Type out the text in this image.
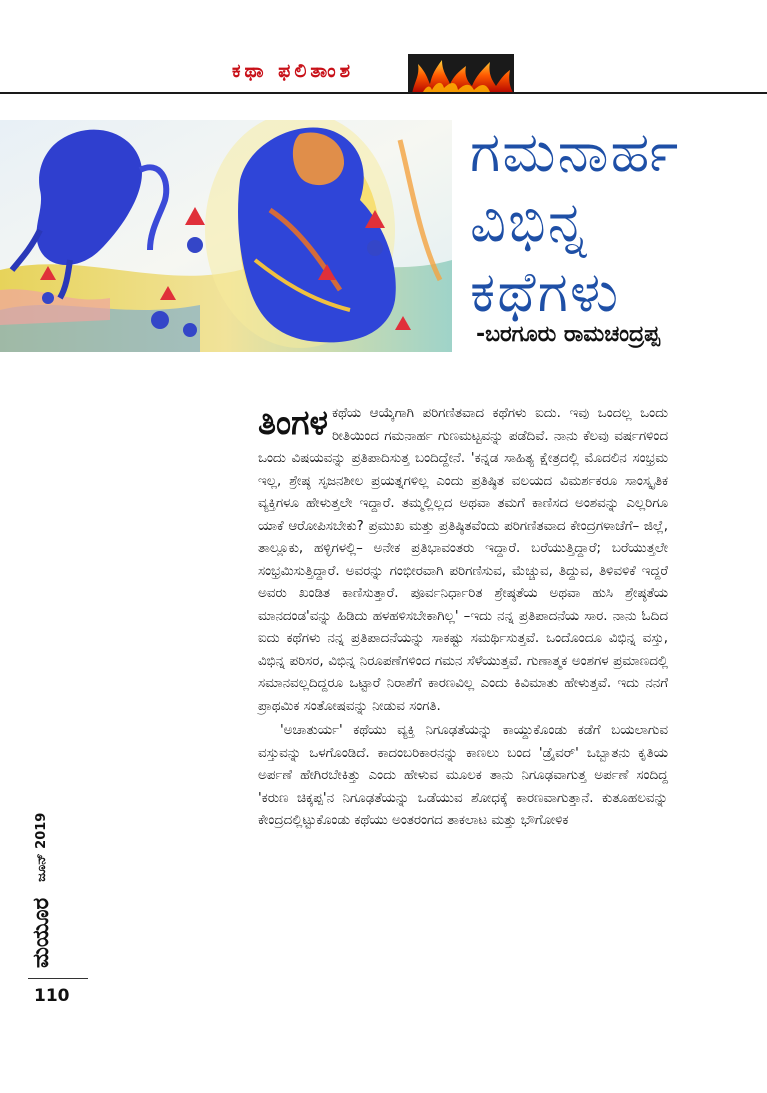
ಕಥಾ ಫಲಿತಾಂಶ
ಗಮನಾರ್ಹ
ವಿಭಿನ್ನ
ಕಥೆಗಳು
-ಬರಗೂರು ರಾಮಚಂದ್ರಪ್ಪ

ತಿಂಗಳ ಕಥೆಯ ಆಯ್ಕೆಗಾಗಿ ಪರಿಗಣಿತವಾದ ಕಥೆಗಳು ಐದು. ಇವು ಒಂದಲ್ಲ ಒಂದು ರೀತಿಯಿಂದ ಗಮನಾರ್ಹ ಗುಣಮಟ್ಟವನ್ನು ಪಡೆದಿವೆ. ನಾನು ಕೆಲವು ವರ್ಷಗಳಿಂದ ಒಂದು ವಿಷಯವನ್ನು ಪ್ರತಿಪಾದಿಸುತ್ತ ಬಂದಿದ್ದೇನೆ. 'ಕನ್ನಡ ಸಾಹಿತ್ಯ ಕ್ಷೇತ್ರದಲ್ಲಿ ಮೊದಲಿನ ಸಂಭ್ರಮ ಇಲ್ಲ, ಶ್ರೇಷ್ಠ ಸೃಜನಶೀಲ ಪ್ರಯತ್ನಗಳಿಲ್ಲ ಎಂದು ಪ್ರತಿಷ್ಠಿತ ವಲಯದ ವಿಮರ್ಶಕರೂ ಸಾಂಸ್ಕೃತಿಕ ವ್ಯಕ್ತಿಗಳೂ ಹೇಳುತ್ತಲೇ ಇದ್ದಾರೆ. ತಮ್ಮಲ್ಲಿಲ್ಲದ ಅಥವಾ ತಮಗೆ ಕಾಣಿಸದ ಅಂಶವನ್ನು ಎಲ್ಲರಿಗೂ ಯಾಕೆ ಆರೋಪಿಸಬೇಕು? ಪ್ರಮುಖ ಮತ್ತು ಪ್ರತಿಷ್ಠಿತವೆಂದು ಪರಿಗಣಿತವಾದ ಕೇಂದ್ರಗಳಾಚೆಗೆ– ಜಿಲ್ಲೆ, ತಾಲ್ಲೂಕು, ಹಳ್ಳಿಗಳಲ್ಲಿ– ಅನೇಕ ಪ್ರತಿಭಾವಂತರು ಇದ್ದಾರೆ. ಬರೆಯುತ್ತಿದ್ದಾರೆ; ಬರೆಯುತ್ತಲೇ ಸಂಭ್ರಮಿಸುತ್ತಿದ್ದಾರೆ. ಅವರನ್ನು ಗಂಭೀರವಾಗಿ ಪರಿಗಣಿಸುವ, ಮೆಚ್ಚುವ, ತಿದ್ದುವ, ತಿಳಿವಳಿಕೆ ಇದ್ದರೆ ಅವರು ಖಂಡಿತ ಕಾಣಿಸುತ್ತಾರೆ. ಪೂರ್ವನಿರ್ಧಾರಿತ ಶ್ರೇಷ್ಠತೆಯ ಅಥವಾ ಹುಸಿ ಶ್ರೇಷ್ಠತೆಯ ಮಾನದಂಡ'ವನ್ನು ಹಿಡಿದು ಹಳಹಳಿಸಬೇಕಾಗಿಲ್ಲ' –ಇದು ನನ್ನ ಪ್ರತಿಪಾದನೆಯ ಸಾರ. ನಾನು ಓದಿದ ಐದು ಕಥೆಗಳು ನನ್ನ ಪ್ರತಿಪಾದನೆಯನ್ನು ಸಾಕಷ್ಟು ಸಮರ್ಥಿಸುತ್ತವೆ. ಒಂದೊಂದೂ ವಿಭಿನ್ನ ವಸ್ತು, ವಿಭಿನ್ನ ಪರಿಸರ, ವಿಭಿನ್ನ ನಿರೂಪಣೆಗಳಿಂದ ಗಮನ ಸೆಳೆಯುತ್ತವೆ. ಗುಣಾತ್ಮಕ ಅಂಶಗಳ ಪ್ರಮಾಣದಲ್ಲಿ ಸಮಾನವಲ್ಲದಿದ್ದರೂ ಒಟ್ಟಾರೆ ನಿರಾಶೆಗೆ ಕಾರಣವಿಲ್ಲ ಎಂದು ಕಿವಿಮಾತು ಹೇಳುತ್ತವೆ. ಇದು ನನಗೆ ಪ್ರಾಥಮಿಕ ಸಂತೋಷವನ್ನು ನೀಡುವ ಸಂಗತಿ.

'ಅಚಾತುರ್ಯ' ಕಥೆಯು ವ್ಯಕ್ತಿ ನಿಗೂಢತೆಯನ್ನು ಕಾಯ್ದುಕೊಂಡು ಕಡೆಗೆ ಬಯಲಾಗುವ ವಸ್ತುವನ್ನು ಒಳಗೊಂಡಿದೆ. ಕಾದಂಬರಿಕಾರನನ್ನು ಕಾಣಲು ಬಂದ 'ಡ್ರೈವರ್' ಒಬ್ಬಾತನು ಕೃತಿಯ ಅರ್ಪಣೆ ಹೇಗಿರಬೇಕಿತ್ತು ಎಂದು ಹೇಳುವ ಮೂಲಕ ತಾನು ನಿಗೂಢವಾಗುತ್ತ ಅರ್ಪಣೆ ಸಂದಿದ್ದ 'ಕರುಣ ಚಿಕ್ಕಪ್ಪ'ನ ನಿಗೂಢತೆಯನ್ನು ಒಡೆಯುವ ಶೋಧಕ್ಕೆ ಕಾರಣವಾಗುತ್ತಾನೆ. ಕುತೂಹಲವನ್ನು ಕೇಂದ್ರದಲ್ಲಿಟ್ಟುಕೊಂಡು ಕಥೆಯು ಅಂತರಂಗದ ತಾಕಲಾಟ ಮತ್ತು ಭೌಗೋಳಿಕ

ಮಯೂರ
ಜೂನ್ 2019
110
